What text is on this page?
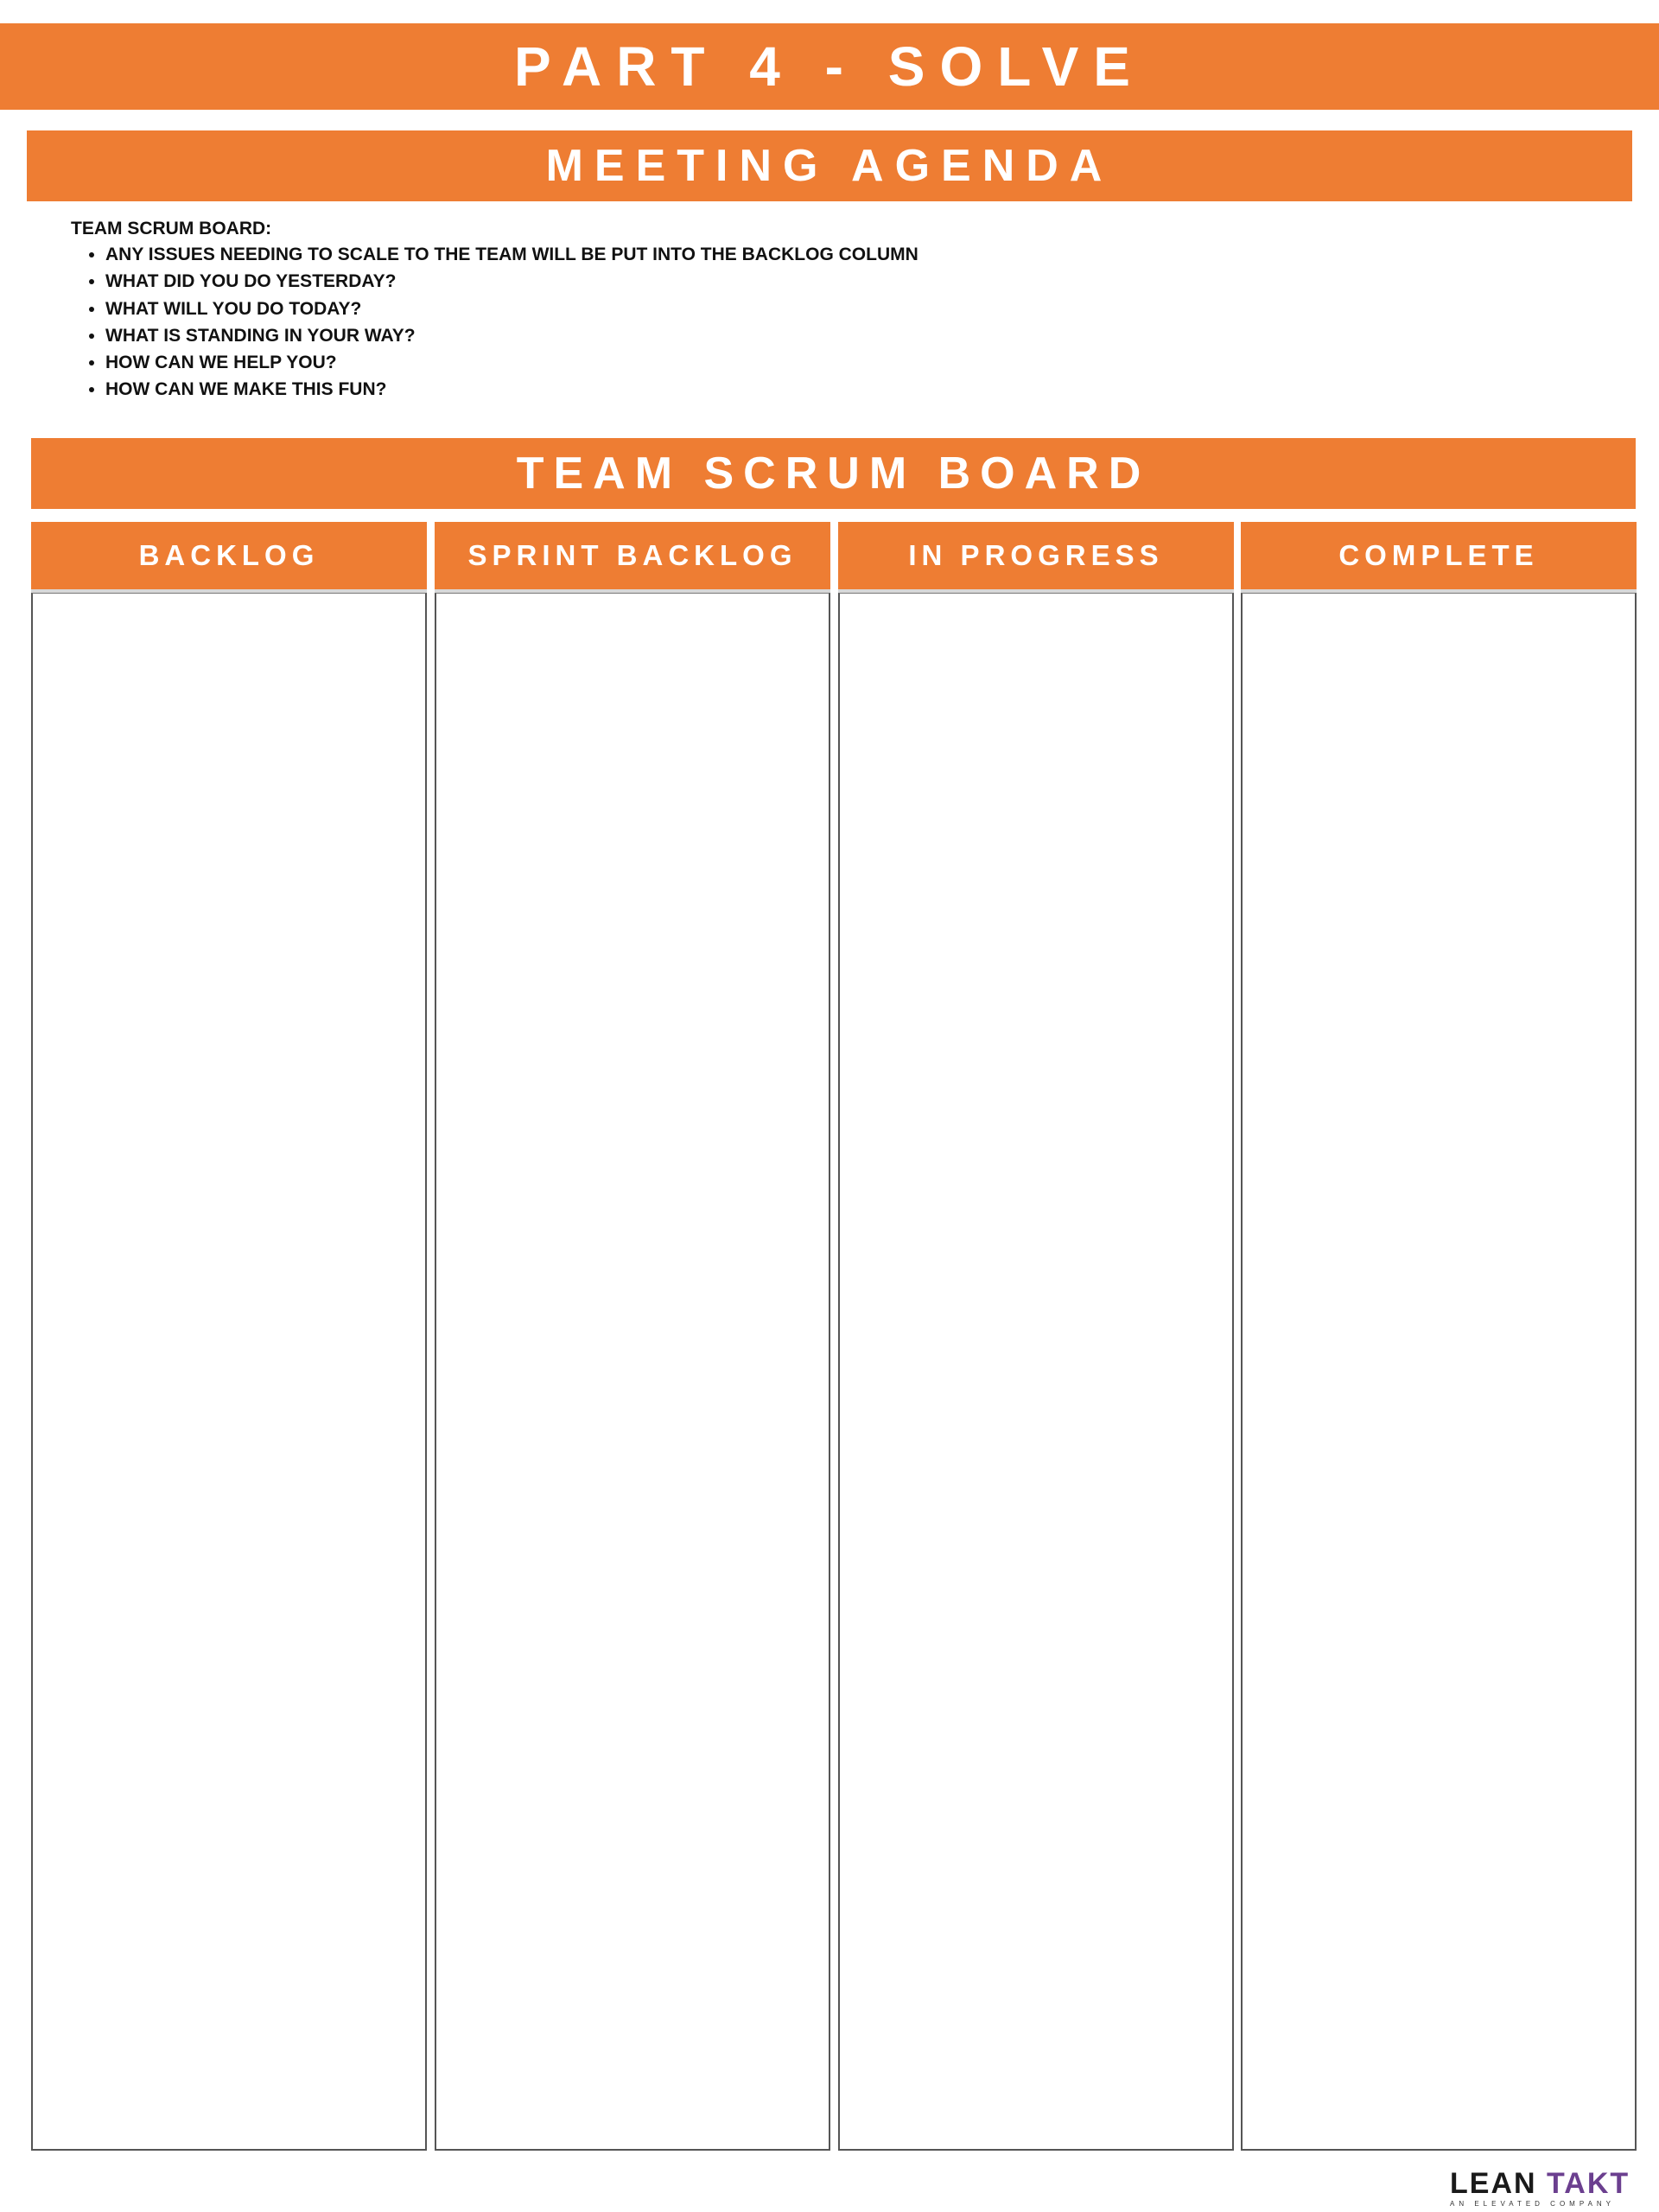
PART 4 - SOLVE
MEETING AGENDA
TEAM SCRUM BOARD:
• ANY ISSUES NEEDING TO SCALE TO THE TEAM WILL BE PUT INTO THE BACKLOG COLUMN
• WHAT DID YOU DO YESTERDAY?
• WHAT WILL YOU DO TODAY?
• WHAT IS STANDING IN YOUR WAY?
• HOW CAN WE HELP YOU?
• HOW CAN WE MAKE THIS FUN?
TEAM SCRUM BOARD
BACKLOG	SPRINT BACKLOG	IN PROGRESS	COMPLETE
LEAN TAKT
AN ELEVATED COMPANY
